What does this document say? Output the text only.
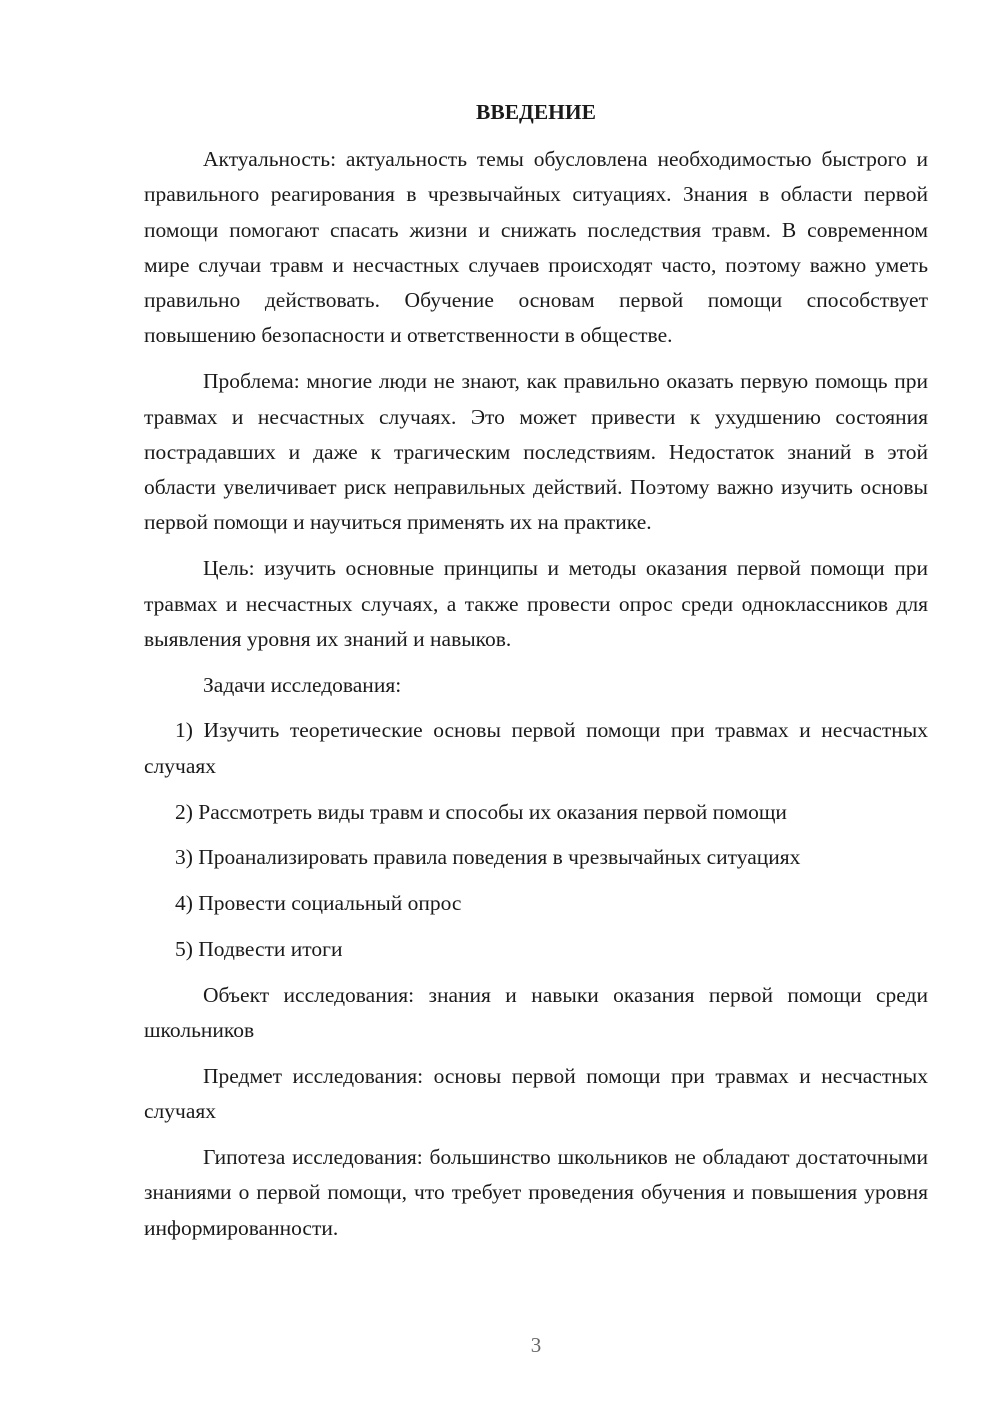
ВВЕДЕНИЕ
Актуальность: актуальность темы обусловлена необходимостью быстрого и правильного реагирования в чрезвычайных ситуациях. Знания в области первой помощи помогают спасать жизни и снижать последствия травм. В современном мире случаи травм и несчастных случаев происходят часто, поэтому важно уметь правильно действовать. Обучение основам первой помощи способствует повышению безопасности и ответственности в обществе.
Проблема: многие люди не знают, как правильно оказать первую помощь при травмах и несчастных случаях. Это может привести к ухудшению состояния пострадавших и даже к трагическим последствиям. Недостаток знаний в этой области увеличивает риск неправильных действий. Поэтому важно изучить основы первой помощи и научиться применять их на практике.
Цель: изучить основные принципы и методы оказания первой помощи при травмах и несчастных случаях, а также провести опрос среди одноклассников для выявления уровня их знаний и навыков.
Задачи исследования:
1) Изучить теоретические основы первой помощи при травмах и несчастных случаях
2) Рассмотреть виды травм и способы их оказания первой помощи
3) Проанализировать правила поведения в чрезвычайных ситуациях
4) Провести социальный опрос
5) Подвести итоги
Объект исследования: знания и навыки оказания первой помощи среди школьников
Предмет исследования: основы первой помощи при травмах и несчастных случаях
Гипотеза исследования: большинство школьников не обладают достаточными знаниями о первой помощи, что требует проведения обучения и повышения уровня информированности.
3
